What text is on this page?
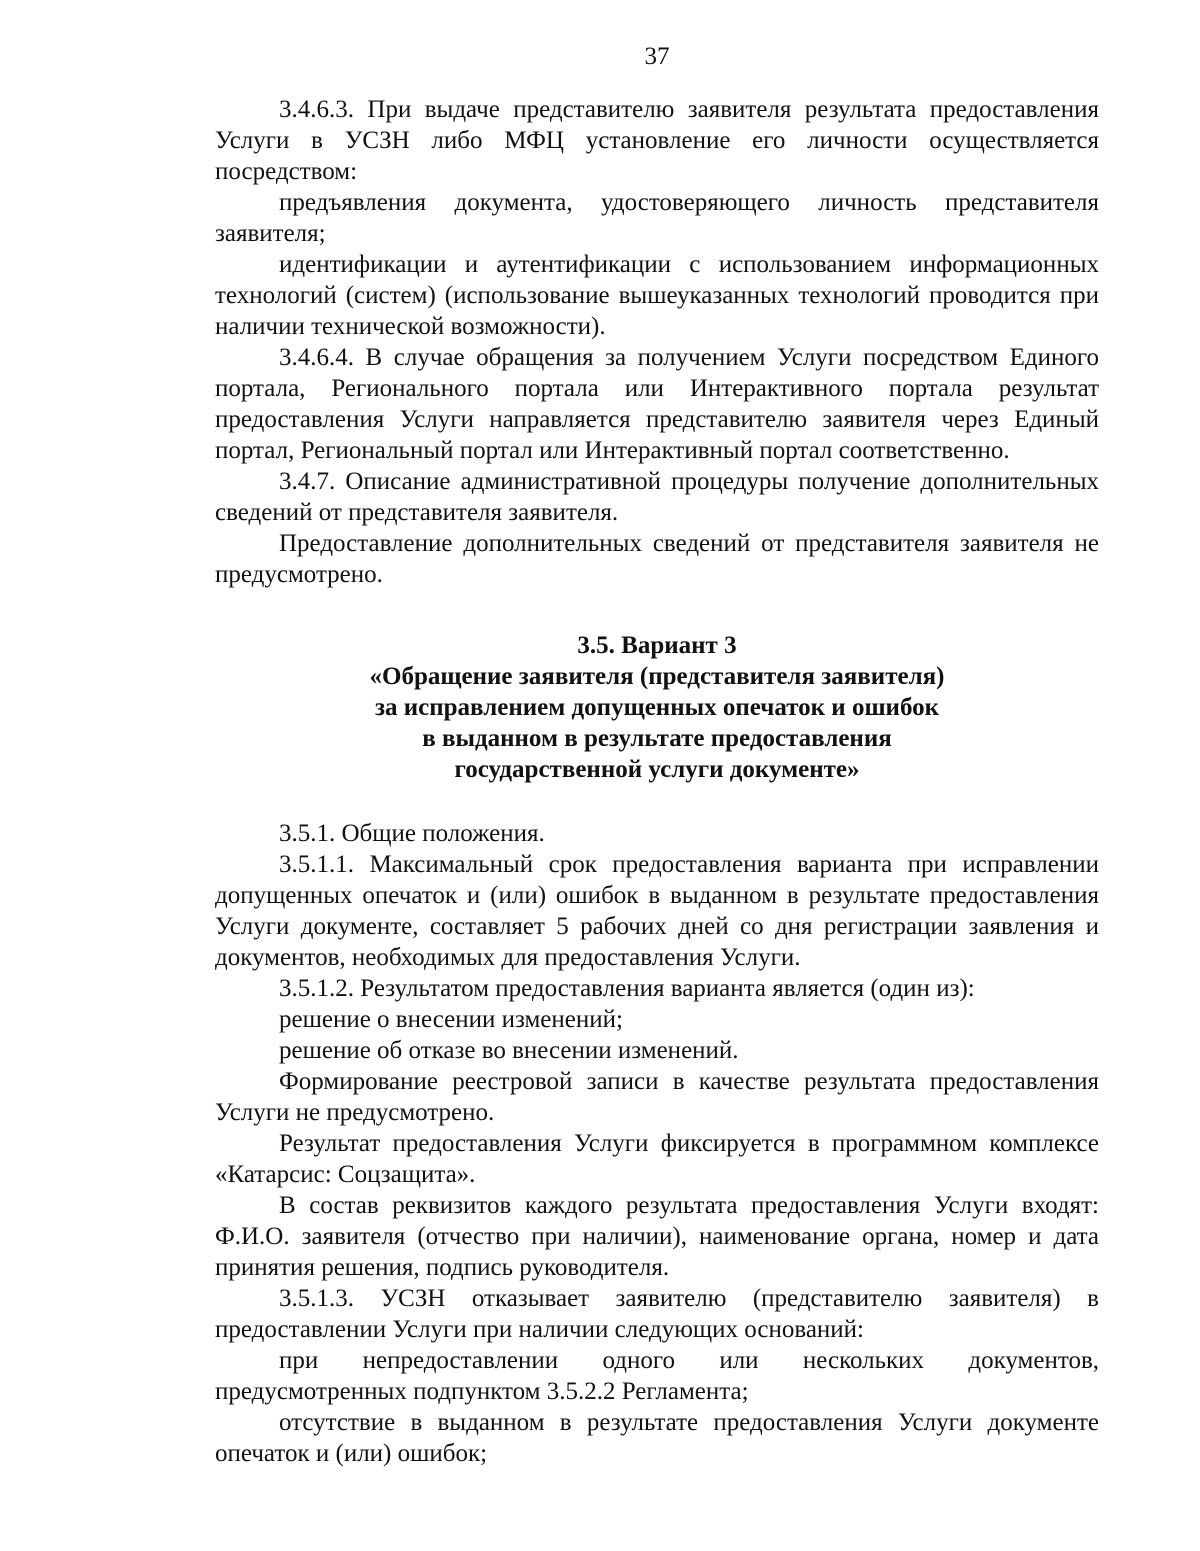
37

3.4.6.3. При выдаче представителю заявителя результата предоставления Услуги в УСЗН либо МФЦ установление его личности осуществляется посредством:

предъявления документа, удостоверяющего личность представителя заявителя;

идентификации и аутентификации с использованием информационных технологий (систем) (использование вышеуказанных технологий проводится при наличии технической возможности).

3.4.6.4. В случае обращения за получением Услуги посредством Единого портала, Регионального портала или Интерактивного портала результат предоставления Услуги направляется представителю заявителя через Единый портал, Региональный портал или Интерактивный портал соответственно.

3.4.7. Описание административной процедуры получение дополнительных сведений от представителя заявителя.

Предоставление дополнительных сведений от представителя заявителя не предусмотрено.

3.5. Вариант 3
«Обращение заявителя (представителя заявителя)
за исправлением допущенных опечаток и ошибок
в выданном в результате предоставления
государственной услуги документе»

3.5.1. Общие положения.

3.5.1.1. Максимальный срок предоставления варианта при исправлении допущенных опечаток и (или) ошибок в выданном в результате предоставления Услуги документе, составляет 5 рабочих дней со дня регистрации заявления и документов, необходимых для предоставления Услуги.

3.5.1.2. Результатом предоставления варианта является (один из):

решение о внесении изменений;

решение об отказе во внесении изменений.

Формирование реестровой записи в качестве результата предоставления Услуги не предусмотрено.

Результат предоставления Услуги фиксируется в программном комплексе «Катарсис: Соцзащита».

В состав реквизитов каждого результата предоставления Услуги входят: Ф.И.О. заявителя (отчество при наличии), наименование органа, номер и дата принятия решения, подпись руководителя.

3.5.1.3. УСЗН отказывает заявителю (представителю заявителя) в предоставлении Услуги при наличии следующих оснований:

при непредоставлении одного или нескольких документов, предусмотренных подпунктом 3.5.2.2 Регламента;

отсутствие в выданном в результате предоставления Услуги документе опечаток и (или) ошибок;
